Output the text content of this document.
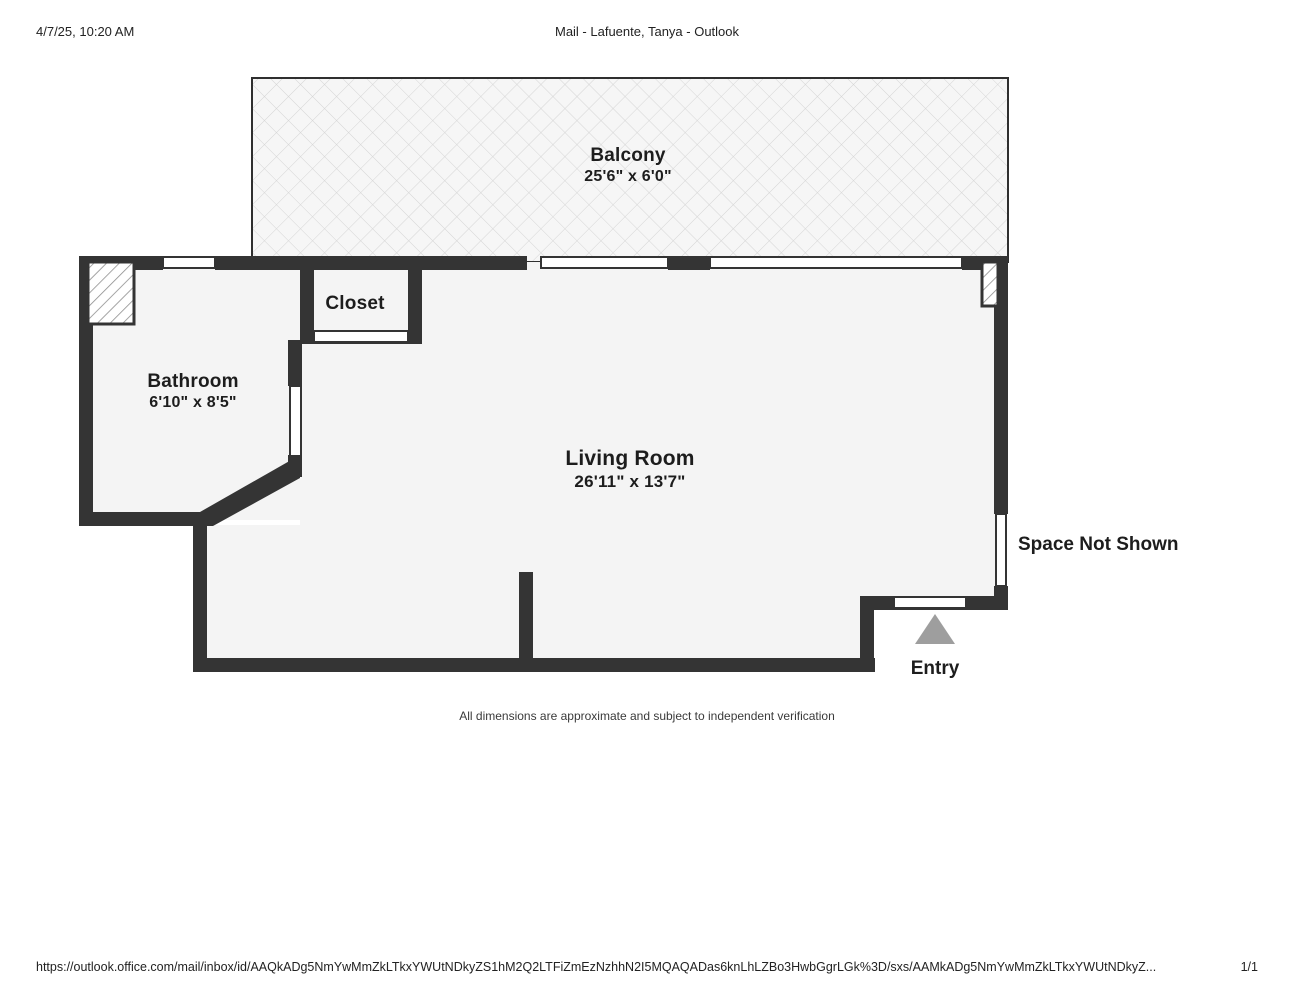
4/7/25, 10:20 AM	Mail - Lafuente, Tanya - Outlook
Balcony
25'6" x 6'0"
Closet
Bathroom
6'10" x 8'5"
Living Room
26'11" x 13'7"
Space Not Shown
Entry
All dimensions are approximate and subject to independent verification
https://outlook.office.com/mail/inbox/id/AAQkADg5NmYwMmZkLTkxYWUtNDkyZS1hM2Q2LTFiZmEzNzhhN2I5MQAQADas6knLhLZBo3HwbGgrLGk%3D/sxs/AAMkADg5NmYwMmZkLTkxYWUtNDkyZ...	1/1
